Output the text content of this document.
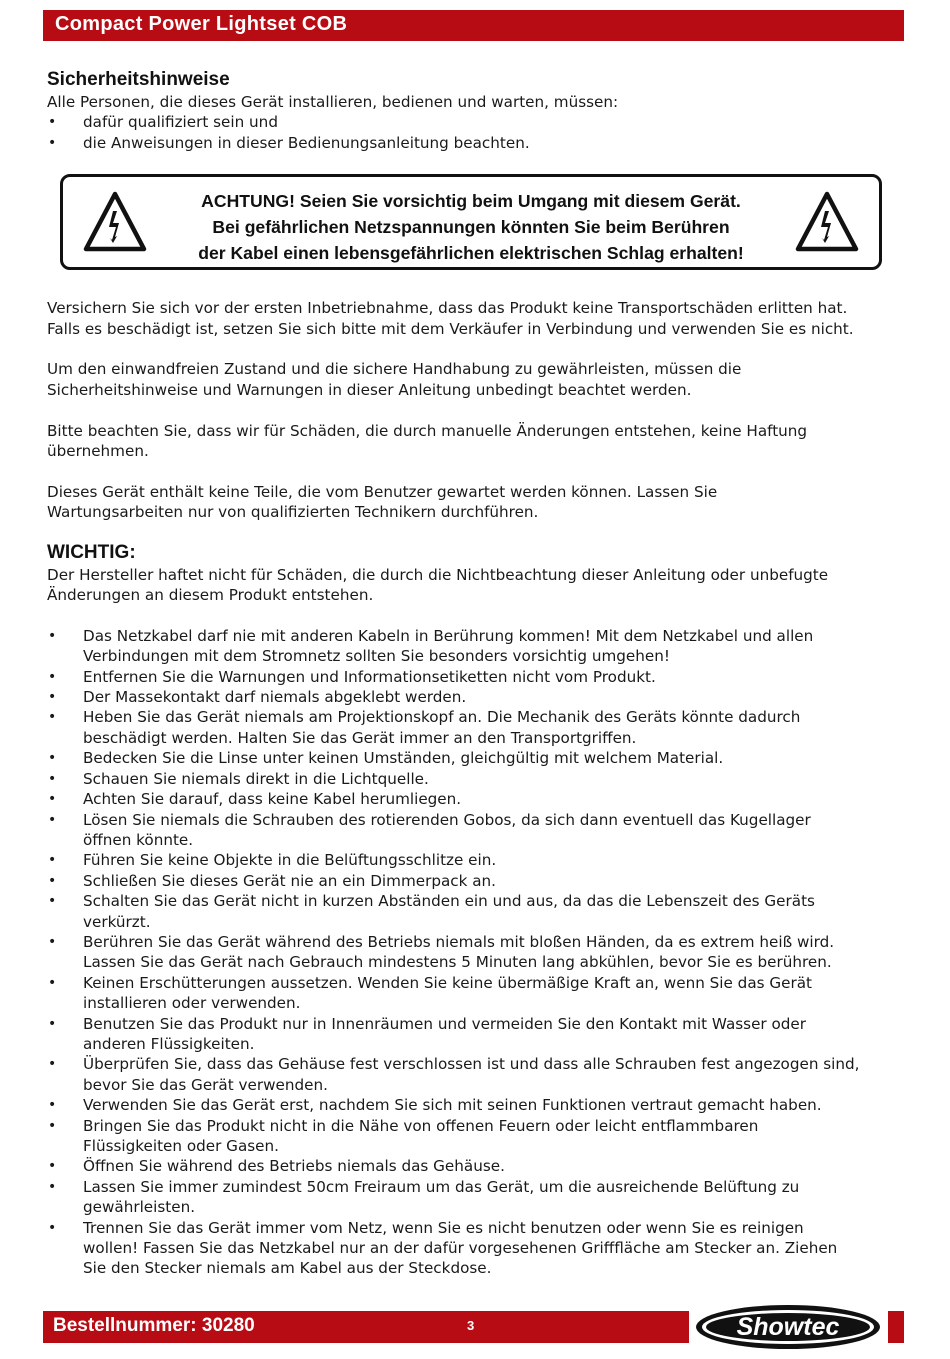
Compact Power Lightset COB
Sicherheitshinweise

Alle Personen, die dieses Gerät installieren, bedienen und warten, müssen:

• dafür qualifiziert sein und
• die Anweisungen in dieser Bedienungsanleitung beachten.
ACHTUNG! Seien Sie vorsichtig beim Umgang mit diesem Gerät.
Bei gefährlichen Netzspannungen könnten Sie beim Berühren
der Kabel einen lebensgefährlichen elektrischen Schlag erhalten!

Versichern Sie sich vor der ersten Inbetriebnahme, dass das Produkt keine Transportschäden erlitten hat.
Falls es beschädigt ist, setzen Sie sich bitte mit dem Verkäufer in Verbindung und verwenden Sie es nicht.

Um den einwandfreien Zustand und die sichere Handhabung zu gewährleisten, müssen die
Sicherheitshinweise und Warnungen in dieser Anleitung unbedingt beachtet werden.

Bitte beachten Sie, dass wir für Schäden, die durch manuelle Änderungen entstehen, keine Haftung
übernehmen.

Dieses Gerät enthält keine Teile, die vom Benutzer gewartet werden können. Lassen Sie
Wartungsarbeiten nur von qualifizierten Technikern durchführen.

WICHTIG:

Der Hersteller haftet nicht für Schäden, die durch die Nichtbeachtung dieser Anleitung oder unbefugte
Änderungen an diesem Produkt entstehen.

• Das Netzkabel darf nie mit anderen Kabeln in Berührung kommen! Mit dem Netzkabel und allen
Verbindungen mit dem Stromnetz sollten Sie besonders vorsichtig umgehen!
• Entfernen Sie die Warnungen und Informationsetiketten nicht vom Produkt.
• Der Massekontakt darf niemals abgeklebt werden.
• Heben Sie das Gerät niemals am Projektionskopf an. Die Mechanik des Geräts könnte dadurch
beschädigt werden. Halten Sie das Gerät immer an den Transportgriffen.
• Bedecken Sie die Linse unter keinen Umständen, gleichgültig mit welchem Material.
• Schauen Sie niemals direkt in die Lichtquelle.
• Achten Sie darauf, dass keine Kabel herumliegen.
• Lösen Sie niemals die Schrauben des rotierenden Gobos, da sich dann eventuell das Kugellager
öffnen könnte.
• Führen Sie keine Objekte in die Belüftungsschlitze ein.
• Schließen Sie dieses Gerät nie an ein Dimmerpack an.
• Schalten Sie das Gerät nicht in kurzen Abständen ein und aus, da das die Lebenszeit des Geräts
verkürzt.
• Berühren Sie das Gerät während des Betriebs niemals mit bloßen Händen, da es extrem heiß wird.
Lassen Sie das Gerät nach Gebrauch mindestens 5 Minuten lang abkühlen, bevor Sie es berühren.
• Keinen Erschütterungen aussetzen. Wenden Sie keine übermäßige Kraft an, wenn Sie das Gerät
installieren oder verwenden.
• Benutzen Sie das Produkt nur in Innenräumen und vermeiden Sie den Kontakt mit Wasser oder
anderen Flüssigkeiten.
• Überprüfen Sie, dass das Gehäuse fest verschlossen ist und dass alle Schrauben fest angezogen sind,
bevor Sie das Gerät verwenden.
• Verwenden Sie das Gerät erst, nachdem Sie sich mit seinen Funktionen vertraut gemacht haben.
• Bringen Sie das Produkt nicht in die Nähe von offenen Feuern oder leicht entflammbaren
Flüssigkeiten oder Gasen.
• Öffnen Sie während des Betriebs niemals das Gehäuse.
• Lassen Sie immer zumindest 50cm Freiraum um das Gerät, um die ausreichende Belüftung zu
gewährleisten.
• Trennen Sie das Gerät immer vom Netz, wenn Sie es nicht benutzen oder wenn Sie es reinigen
wollen! Fassen Sie das Netzkabel nur an der dafür vorgesehenen Grifffläche am Stecker an. Ziehen
Sie den Stecker niemals am Kabel aus der Steckdose.
Bestellnummer: 30280	3	Showtec
